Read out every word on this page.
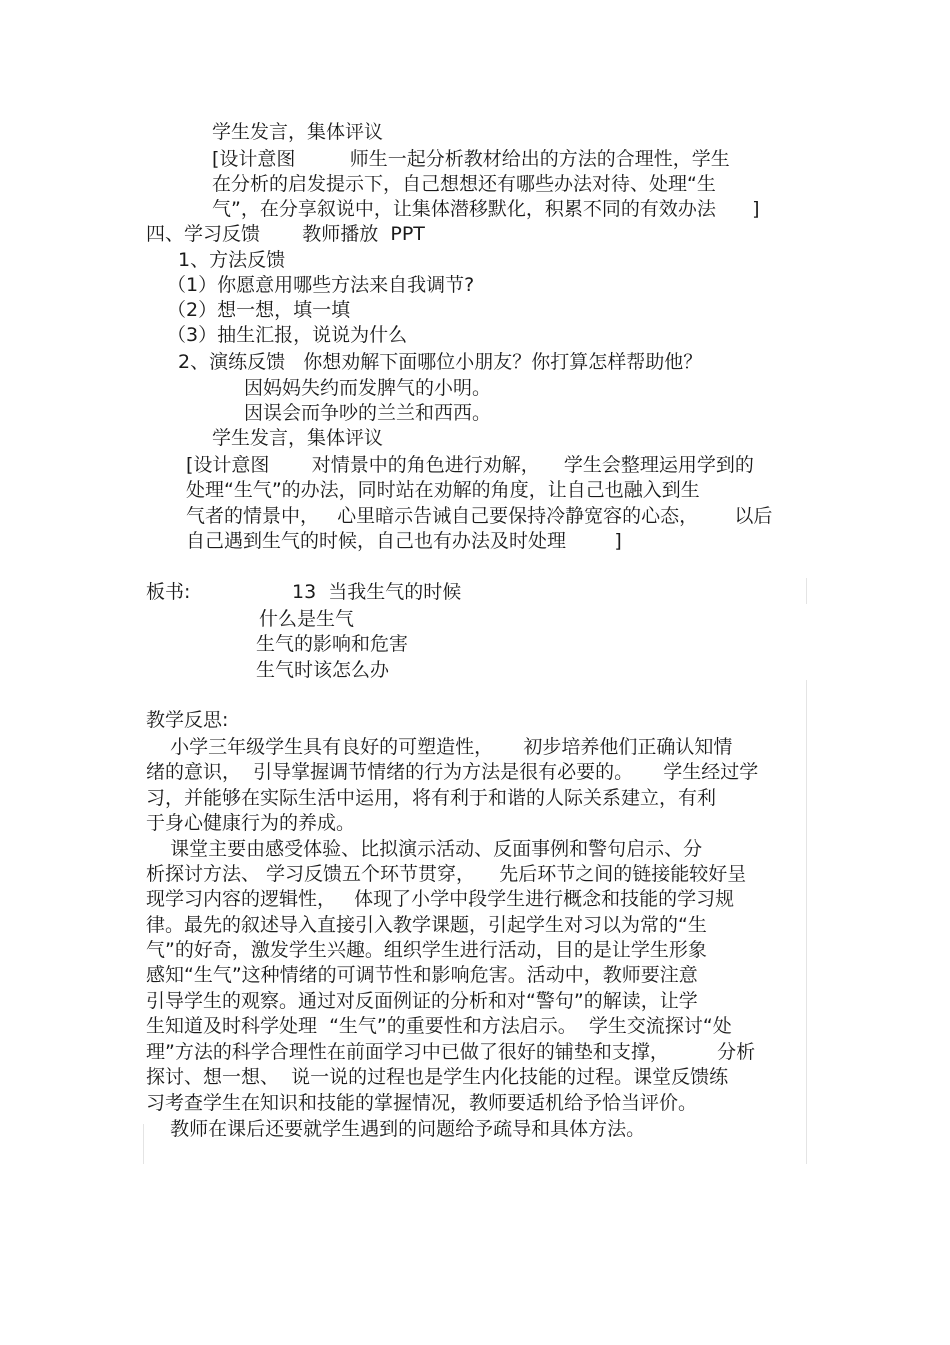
学生发言，集体评议
[设计意图         师生一起分析教材给出的方法的合理性，学生
在分析的启发提示下，自己想想还有哪些办法对待、处理“生
气”，在分享叙说中，让集体潜移默化，积累不同的有效办法      ]
四、学习反馈       教师播放  PPT
1、方法反馈
（1）你愿意用哪些方法来自我调节?
（2）想一想，填一填
（3）抽生汇报，说说为什么
2、演练反馈   你想劝解下面哪位小朋友？你打算怎样帮助他？
因妈妈失约而发脾气的小明。
因误会而争吵的兰兰和西西。
学生发言，集体评议
[设计意图       对情景中的角色进行劝解，    学生会整理运用学到的
处理“生气”的办法，同时站在劝解的角度，让自己也融入到生
气者的情景中，   心里暗示告诫自己要保持冷静宽容的心态，      以后
自己遇到生气的时候，自己也有办法及时处理        ]
板书:	13  当我生气的时候
什么是生气
生气的影响和危害
生气时该怎么办
教学反思:
小学三年级学生具有良好的可塑造性，     初步培养他们正确认知情
绪的意识，  引导掌握调节情绪的行为方法是很有必要的。     学生经过学
习，并能够在实际生活中运用，将有利于和谐的人际关系建立，有利
于身心健康行为的养成。
课堂主要由感受体验、比拟演示活动、反面事例和警句启示、分
析探讨方法、 学习反馈五个环节贯穿，    先后环节之间的链接能较好呈
现学习内容的逻辑性，   体现了小学中段学生进行概念和技能的学习规
律。最先的叙述导入直接引入教学课题，引起学生对习以为常的“生
气”的好奇，激发学生兴趣。组织学生进行活动，目的是让学生形象
感知“生气”这种情绪的可调节性和影响危害。活动中，教师要注意
引导学生的观察。通过对反面例证的分析和对“警句”的解读，让学
生知道及时科学处理  “生气”的重要性和方法启示。  学生交流探讨“处
理”方法的科学合理性在前面学习中已做了很好的铺垫和支撑，        分析
探讨、想一想、  说一说的过程也是学生内化技能的过程。课堂反馈练
习考查学生在知识和技能的掌握情况，教师要适机给予恰当评价。
教师在课后还要就学生遇到的问题给予疏导和具体方法。
